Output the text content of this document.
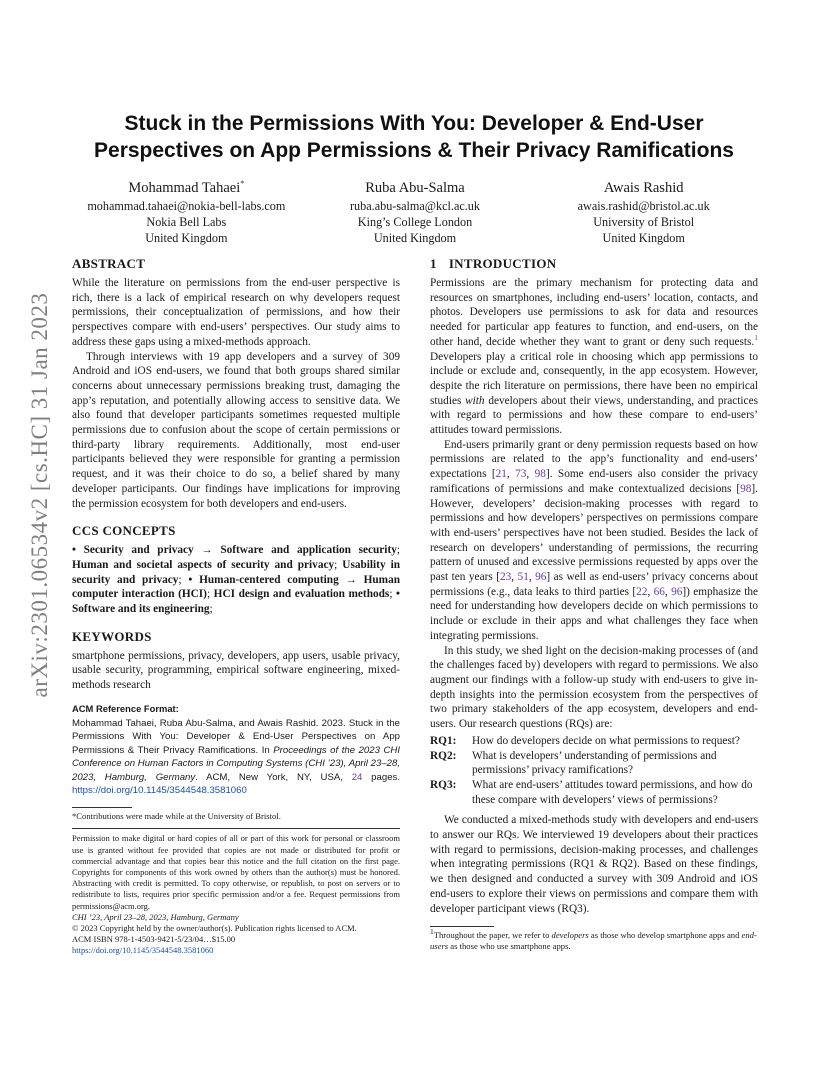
arXiv:2301.06534v2 [cs.HC] 31 Jan 2023
Stuck in the Permissions With You: Developer & End-User
Perspectives on App Permissions & Their Privacy Ramifications
Mohammad Tahaei*
mohammad.tahaei@nokia-bell-labs.com
Nokia Bell Labs
United Kingdom
Ruba Abu-Salma
ruba.abu-salma@kcl.ac.uk
King’s College London
United Kingdom
Awais Rashid
awais.rashid@bristol.ac.uk
University of Bristol
United Kingdom
ABSTRACT

While the literature on permissions from the end-user perspective is rich, there is a lack of empirical research on why developers request permissions, their conceptualization of permissions, and how their perspectives compare with end-users’ perspectives. Our study aims to address these gaps using a mixed-methods approach.

Through interviews with 19 app developers and a survey of 309 Android and iOS end-users, we found that both groups shared similar concerns about unnecessary permissions breaking trust, damaging the app’s reputation, and potentially allowing access to sensitive data. We also found that developer participants sometimes requested multiple permissions due to confusion about the scope of certain permissions or third-party library requirements. Additionally, most end-user participants believed they were responsible for granting a permission request, and it was their choice to do so, a belief shared by many developer participants. Our findings have implications for improving the permission ecosystem for both developers and end-users.

CCS CONCEPTS

• Security and privacy → Software and application security; Human and societal aspects of security and privacy; Usability in security and privacy; • Human-centered computing → Human computer interaction (HCI); HCI design and evaluation methods; • Software and its engineering;

KEYWORDS

smartphone permissions, privacy, developers, app users, usable privacy, usable security, programming, empirical software engineering, mixed-methods research

ACM Reference Format:
Mohammad Tahaei, Ruba Abu-Salma, and Awais Rashid. 2023. Stuck in the Permissions With You: Developer & End-User Perspectives on App Permissions & Their Privacy Ramifications. In Proceedings of the 2023 CHI Conference on Human Factors in Computing Systems (CHI ’23), April 23–28, 2023, Hamburg, Germany. ACM, New York, NY, USA, 24 pages. https://doi.org/10.1145/3544548.3581060
*Contributions were made while at the University of Bristol.
Permission to make digital or hard copies of all or part of this work for personal or classroom use is granted without fee provided that copies are not made or distributed for profit or commercial advantage and that copies bear this notice and the full citation on the first page. Copyrights for components of this work owned by others than the author(s) must be honored. Abstracting with credit is permitted. To copy otherwise, or republish, to post on servers or to redistribute to lists, requires prior specific permission and/or a fee. Request permissions from permissions@acm.org.
CHI ’23, April 23–28, 2023, Hamburg, Germany
© 2023 Copyright held by the owner/author(s). Publication rights licensed to ACM.
ACM ISBN 978-1-4503-9421-5/23/04…$15.00
https://doi.org/10.1145/3544548.3581060
1 INTRODUCTION

Permissions are the primary mechanism for protecting data and resources on smartphones, including end-users’ location, contacts, and photos. Developers use permissions to ask for data and resources needed for particular app features to function, and end-users, on the other hand, decide whether they want to grant or deny such requests.$^1$ Developers play a critical role in choosing which app permissions to include or exclude and, consequently, in the app ecosystem. However, despite the rich literature on permissions, there have been no empirical studies with developers about their views, understanding, and practices with regard to permissions and how these compare to end-users’ attitudes toward permissions.

End-users primarily grant or deny permission requests based on how permissions are related to the app’s functionality and end-users’ expectations [21, 73, 98]. Some end-users also consider the privacy ramifications of permissions and make contextualized decisions [98]. However, developers’ decision-making processes with regard to permissions and how developers’ perspectives on permissions compare with end-users’ perspectives have not been studied. Besides the lack of research on developers’ understanding of permissions, the recurring pattern of unused and excessive permissions requested by apps over the past ten years [23, 51, 96] as well as end-users’ privacy concerns about permissions (e.g., data leaks to third parties [22, 66, 96]) emphasize the need for understanding how developers decide on which permissions to include or exclude in their apps and what challenges they face when integrating permissions.

In this study, we shed light on the decision-making processes of (and the challenges faced by) developers with regard to permissions. We also augment our findings with a follow-up study with end-users to give in-depth insights into the permission ecosystem from the perspectives of two primary stakeholders of the app ecosystem, developers and end-users. Our research questions (RQs) are:

RQ1:	How do developers decide on what permissions to request?
RQ2:	What is developers’ understanding of permissions and permissions’ privacy ramifications?
RQ3:	What are end-users’ attitudes toward permissions, and how do these compare with developers’ views of permissions?

We conducted a mixed-methods study with developers and end-users to answer our RQs. We interviewed 19 developers about their practices with regard to permissions, decision-making processes, and challenges when integrating permissions (RQ1 & RQ2). Based on these findings, we then designed and conducted a survey with 309 Android and iOS end-users to explore their views on permissions and compare them with developer participant views (RQ3).

$^1$Throughout the paper, we refer to developers as those who develop smartphone apps and end-users as those who use smartphone apps.
